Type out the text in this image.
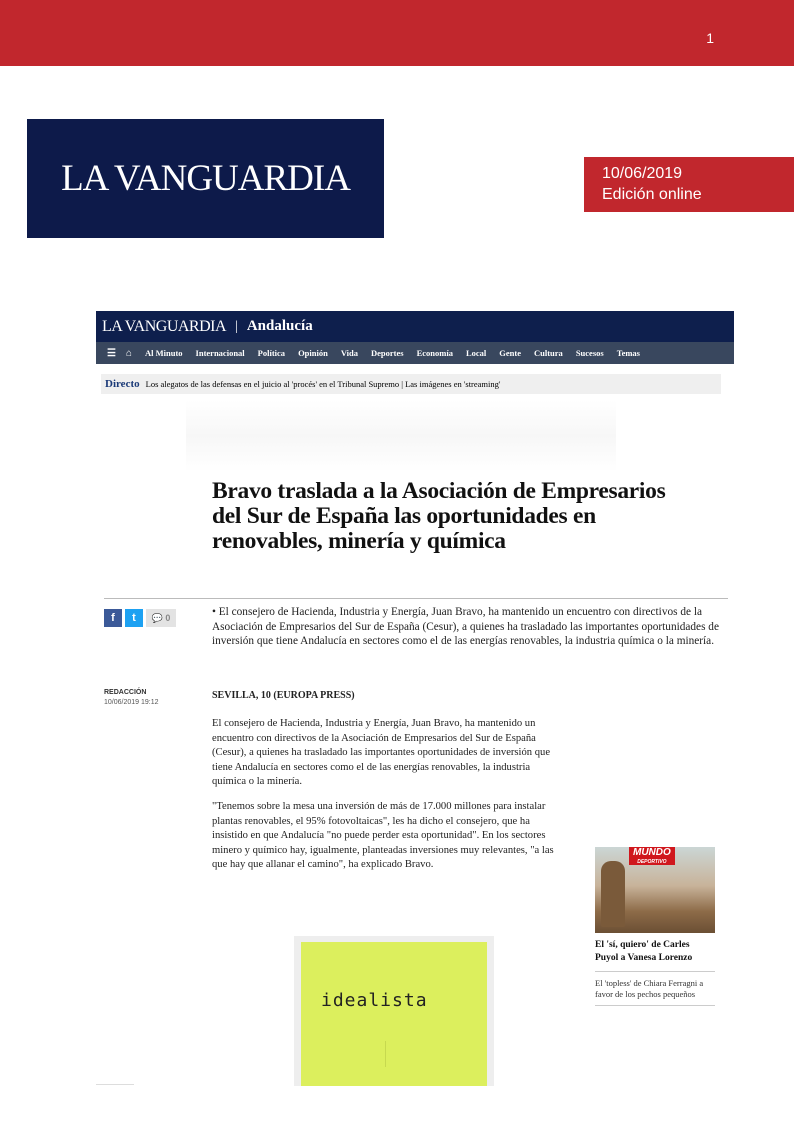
1
LA VANGUARDIA	10/06/2019
Edición online
LA VANGUARDIA | Andalucía
☰ ⌂	Al Minuto Internacional Política Opinión Vida Deportes Economía Local Gente Cultura Sucesos Temas
Directo Los alegatos de las defensas en el juicio al 'procés' en el Tribunal Supremo | Las imágenes en 'streaming'
Bravo traslada a la Asociación de Empresarios del Sur de España las oportunidades en renovables, minería y química
f	t	💬 0	• El consejero de Hacienda, Industria y Energía, Juan Bravo, ha mantenido un encuentro con directivos de la Asociación de Empresarios del Sur de España (Cesur), a quienes ha trasladado las importantes oportunidades de inversión que tiene Andalucía en sectores como el de las energías renovables, la industria química o la minería.
REDACCIÓN
10/06/2019 19:12
SEVILLA, 10 (EUROPA PRESS)

El consejero de Hacienda, Industria y Energía, Juan Bravo, ha mantenido un encuentro con directivos de la Asociación de Empresarios del Sur de España (Cesur), a quienes ha trasladado las importantes oportunidades de inversión que tiene Andalucía en sectores como el de las energías renovables, la industria química o la minería.

"Tenemos sobre la mesa una inversión de más de 17.000 millones para instalar plantas renovables, el 95% fotovoltaicas", les ha dicho el consejero, que ha insistido en que Andalucía "no puede perder esta oportunidad". En los sectores minero y químico hay, igualmente, planteadas inversiones muy relevantes, "a las que hay que allanar el camino", ha explicado Bravo.

idealista
MUNDO
DEPORTIVO
El 'sí, quiero' de Carles Puyol a Vanesa Lorenzo
El 'topless' de Chiara Ferragni a favor de los pechos pequeños
